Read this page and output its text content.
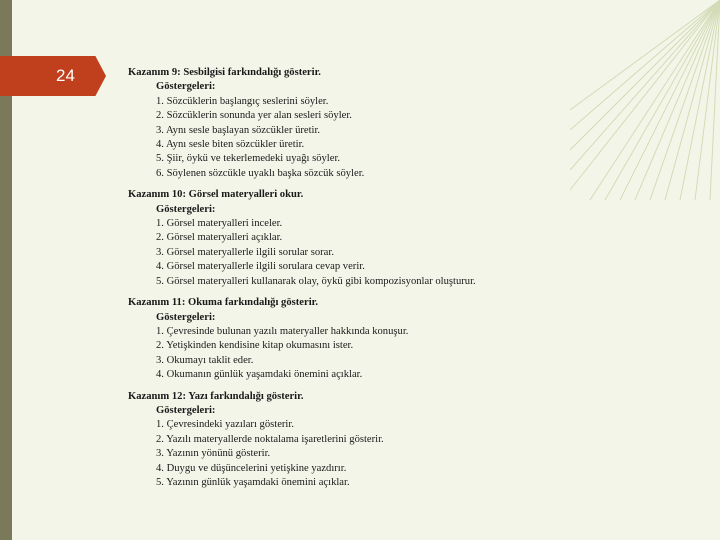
24	Kazanım 9: Sesbilgisi farkındalığı gösterir.
Göstergeleri:
1. Sözcüklerin başlangıç seslerini söyler.
2. Sözcüklerin sonunda yer alan sesleri söyler.
3. Aynı sesle başlayan sözcükler üretir.
4. Aynı sesle biten sözcükler üretir.
5. Şiir, öykü ve tekerlemedeki uyağı söyler.
6. Söylenen sözcükle uyaklı başka sözcük söyler.
Kazanım 10: Görsel materyalleri okur.
Göstergeleri:
1. Görsel materyalleri inceler.
2. Görsel materyalleri açıklar.
3. Görsel materyallerle ilgili sorular sorar.
4. Görsel materyallerle ilgili sorulara cevap verir.
5. Görsel materyalleri kullanarak olay, öykü gibi kompozisyonlar oluşturur.
Kazanım 11: Okuma farkındalığı gösterir.
Göstergeleri:
1. Çevresinde bulunan yazılı materyaller hakkında konuşur.
2. Yetişkinden kendisine kitap okumasını ister.
3. Okumayı taklit eder.
4. Okumanın günlük yaşamdaki önemini açıklar.
Kazanım 12: Yazı farkındalığı gösterir.
Göstergeleri:
1. Çevresindeki yazıları gösterir.
2. Yazılı materyallerde noktalama işaretlerini gösterir.
3. Yazının yönünü gösterir.
4. Duygu ve düşüncelerini yetişkine yazdırır.
5. Yazının günlük yaşamdaki önemini açıklar.
